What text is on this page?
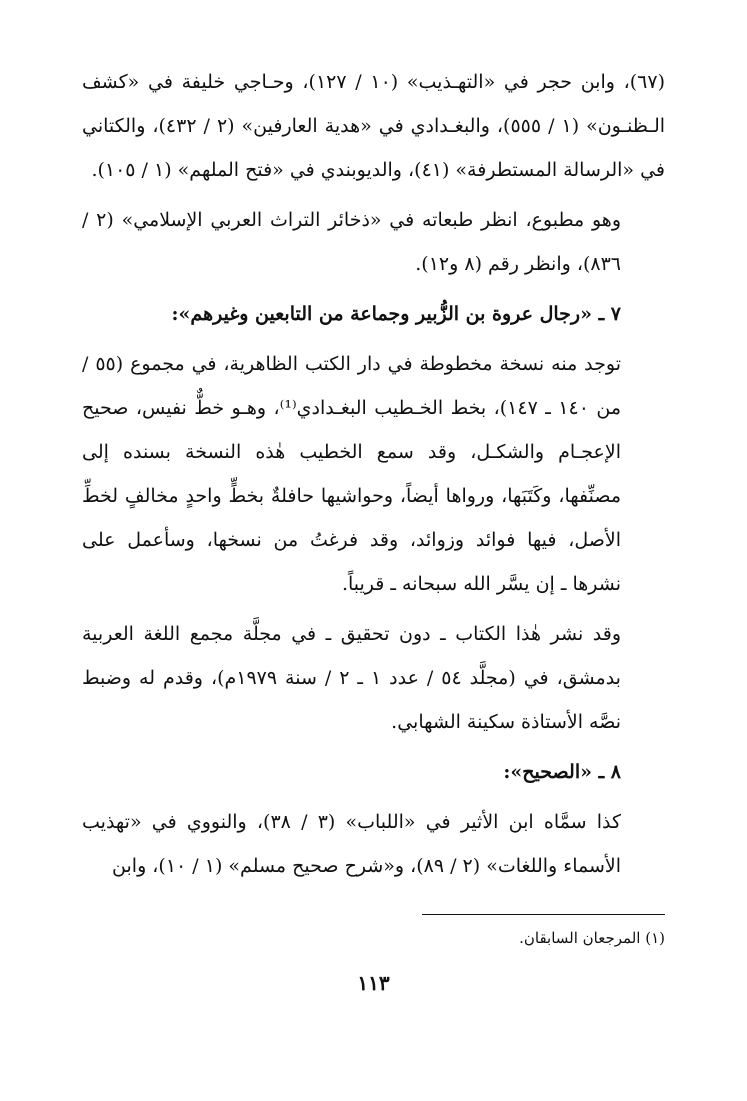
(٦٧)، وابن حجر في «التهـذيب» (١٠ / ١٢٧)، وحـاجي خليفة في «كشف الـظنـون» (١ / ٥٥٥)، والبغـدادي في «هدية العارفين» (٢ / ٤٣٢)، والكتاني في «الرسالة المستطرفة» (٤١)، والديوبندي في «فتح الملهم» (١ / ١٠٥).

وهو مطبوع، انظر طبعاته في «ذخائر التراث العربي الإسلامي» (٢ / ٨٣٦)، وانظر رقم (٨ و١٢).

٧ ـ «رجال عروة بن الزُّبير وجماعة من التابعين وغيرهم»:

توجد منه نسخة مخطوطة في دار الكتب الظاهرية، في مجموع (٥٥ / من ١٤٠ ـ ١٤٧)، بخط الخـطيب البغـدادي⁽¹⁾، وهـو خطٌّ نفيس، صحيح الإعجـام والشكـل، وقد سمع الخطيب هٰذه النسخة بسنده إلى مصنِّفها، وكَتَبَها، ورواها أيضاً، وحواشيها حافلةٌ بخطٍّ واحدٍ مخالفٍ لخطِّ الأصل، فيها فوائد وزوائد، وقد فرغتُ من نسخها، وسأعمل على نشرها ـ إن يسَّر الله سبحانه ـ قريباً.

وقد نشر هٰذا الكتاب ـ دون تحقيق ـ في مجلَّة مجمع اللغة العربية بدمشق، في (مجلَّد ٥٤ / عدد ١ ـ ٢ / سنة ١٩٧٩م)، وقدم له وضبط نصَّه الأستاذة سكينة الشهابي.

٨ ـ «الصحيح»:

كذا سمَّاه ابن الأثير في «اللباب» (٣ / ٣٨)، والنووي في «تهذيب الأسماء واللغات» (٢ / ٨٩)، و«شرح صحيح مسلم» (١ / ١٠)، وابن

(١) المرجعان السابقان.
١١٣
